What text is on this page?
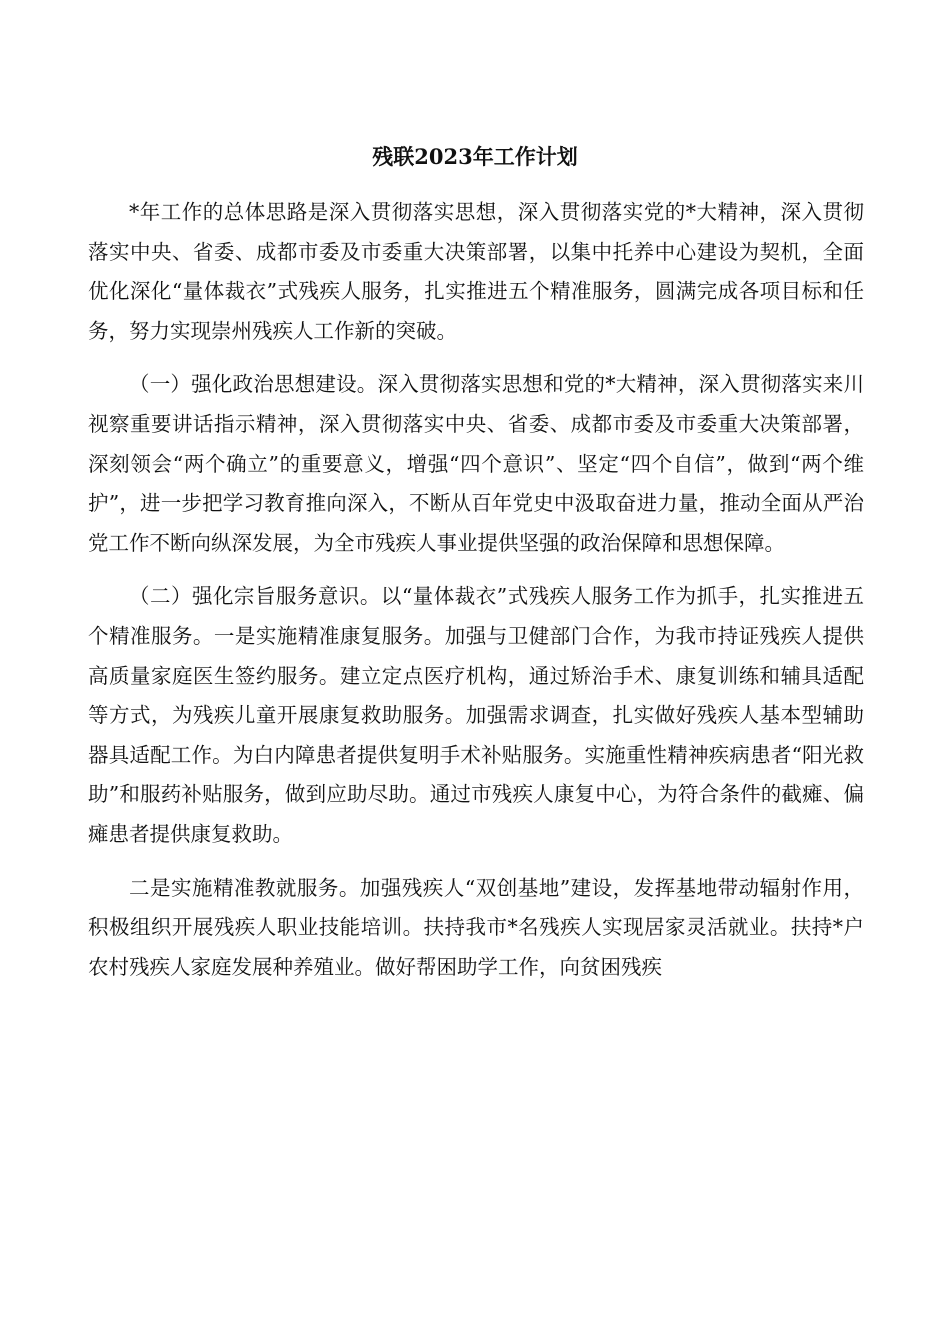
残联2023年工作计划

*年工作的总体思路是深入贯彻落实思想，深入贯彻落实党的*大精神，深入贯彻落实中央、省委、成都市委及市委重大决策部署，以集中托养中心建设为契机，全面优化深化“量体裁衣”式残疾人服务，扎实推进五个精准服务，圆满完成各项目标和任务，努力实现崇州残疾人工作新的突破。

（一）强化政治思想建设。深入贯彻落实思想和党的*大精神，深入贯彻落实来川视察重要讲话指示精神，深入贯彻落实中央、省委、成都市委及市委重大决策部署，深刻领会“两个确立”的重要意义，增强“四个意识”、坚定“四个自信”，做到“两个维护”，进一步把学习教育推向深入，不断从百年党史中汲取奋进力量，推动全面从严治党工作不断向纵深发展，为全市残疾人事业提供坚强的政治保障和思想保障。

（二）强化宗旨服务意识。以“量体裁衣”式残疾人服务工作为抓手，扎实推进五个精准服务。一是实施精准康复服务。加强与卫健部门合作，为我市持证残疾人提供高质量家庭医生签约服务。建立定点医疗机构，通过矫治手术、康复训练和辅具适配等方式，为残疾儿童开展康复救助服务。加强需求调查，扎实做好残疾人基本型辅助器具适配工作。为白内障患者提供复明手术补贴服务。实施重性精神疾病患者“阳光救助”和服药补贴服务，做到应助尽助。通过市残疾人康复中心，为符合条件的截瘫、偏瘫患者提供康复救助。

二是实施精准教就服务。加强残疾人“双创基地”建设，发挥基地带动辐射作用，积极组织开展残疾人职业技能培训。扶持我市*名残疾人实现居家灵活就业。扶持*户农村残疾人家庭发展种养殖业。做好帮困助学工作，向贫困残疾
